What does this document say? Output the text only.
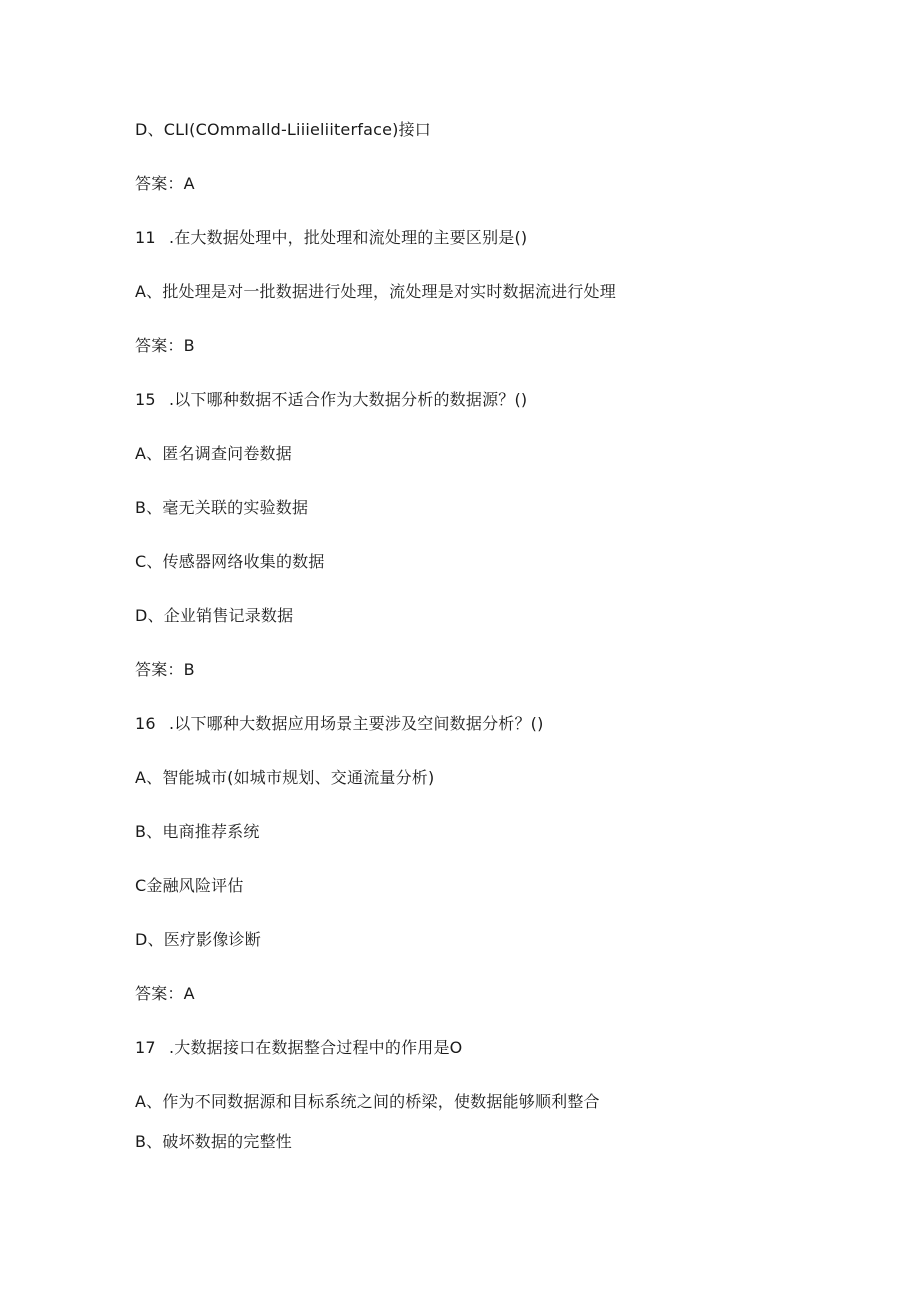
D、CLI(COmmalld-Liiieliiterface)接口
答案：A
11 .在大数据处理中，批处理和流处理的主要区别是()
A、批处理是对一批数据进行处理，流处理是对实时数据流进行处理
答案：B
15 .以下哪种数据不适合作为大数据分析的数据源？()
A、匿名调查问卷数据
B、毫无关联的实验数据
C、传感器网络收集的数据
D、企业销售记录数据
答案：B
16 .以下哪种大数据应用场景主要涉及空间数据分析？()
A、智能城市(如城市规划、交通流量分析)
B、电商推荐系统
C金融风险评估
D、医疗影像诊断
答案：A
17 .大数据接口在数据整合过程中的作用是O
A、作为不同数据源和目标系统之间的桥梁，使数据能够顺利整合
B、破坏数据的完整性
